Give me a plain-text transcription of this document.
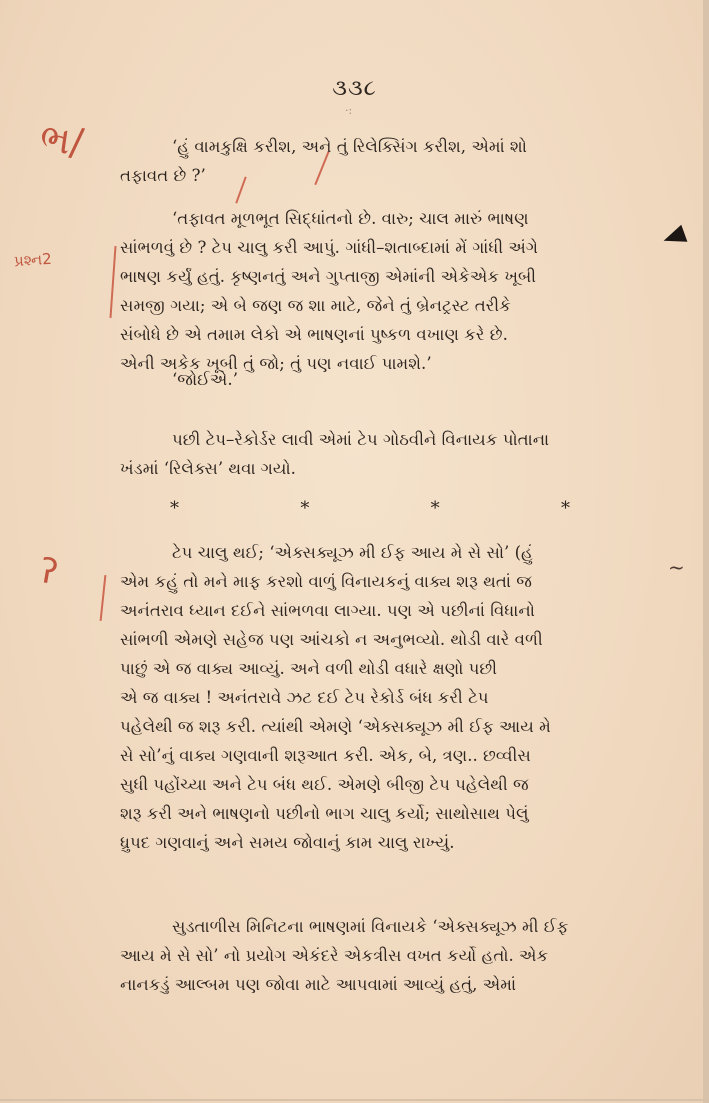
૩૩૮
·:
ભ/
પ્રશ્ન2
ʔ	~

‘હું વામકુક્ષિ કરીશ, અને તું રિલેક્સિંગ કરીશ, એમાં શો

તફાવત છે ?’

‘તફાવત મૂળભૂત સિદ્ધાંતનો છે. વારુ; ચાલ મારું ભાષણ

સાંભળવું છે ? ટેપ ચાલુ કરી આપું. ગાંધી–શતાબ્દામાં મેં ગાંધી અંગે

ભાષણ કર્યું હતું. કૃષ્ણનતું અને ગુપ્તાજી એમાંની એકેએક ખૂબી

સમજી ગયા; એ બે જણ જ શા માટે, જેને તું બ્રેનટ્રસ્ટ તરીકે

સંબોધે છે એ તમામ લેકો એ ભાષણનાં પુષ્કળ વખાણ કરે છે.

એની અકેક ખૂબી તું જો; તું પણ નવાઈ પામશે.’

‘જોઈએ.’

પછી ટેપ–રેકોર્ડર લાવી એમાં ટેપ ગોઠવીને વિનાયક પોતાના

ખંડમાં ‘રિલેક્સ’ થવા ગયો.

*	*	*	*

ટેપ ચાલુ થઈ; ‘એક્સક્યૂઝ મી ઈફ આય મે સે સો’ (હું

એમ કહું તો મને માફ કરશો વાળું વિનાયકનું વાક્ય શરૂ થતાં જ

અનંતરાવ ધ્યાન દઈને સાંભળવા લાગ્યા. પણ એ પછીનાં વિધાનો

સાંભળી એમણે સહેજ પણ આંચકો ન અનુભવ્યો. થોડી વારે વળી

પાછું એ જ વાક્ય આવ્યું. અને વળી થોડી વધારે ક્ષણો પછી

એ જ વાક્ય ! અનંતરાવે ઝટ દઈ ટેપ રેકોર્ડ બંધ કરી ટેપ

પહેલેથી જ શરૂ કરી. ત્યાંથી એમણે ‘એક્સક્યૂઝ મી ઈફ આય મે

સે સો’નું વાક્ય ગણવાની શરૂઆત કરી. એક, બે, ત્રણ.. છવ્વીસ

સુધી પહોંચ્યા અને ટેપ બંધ થઈ. એમણે બીજી ટેપ પહેલેથી જ

શરૂ કરી અને ભાષણનો પછીનો ભાગ ચાલુ કર્યો; સાથોસાથ પેલું

ધ્રુપદ ગણવાનું અને સમય જોવાનું કામ ચાલુ રાખ્યું.

સુડતાળીસ મિનિટના ભાષણમાં વિનાયકે ‘એક્સક્યૂઝ મી ઈફ

આય મે સે સો’ નો પ્રયોગ એકંદરે એકત્રીસ વખત કર્યો હતો. એક

નાનકડું આલ્બમ પણ જોવા માટે આપવામાં આવ્યું હતું, એમાં
